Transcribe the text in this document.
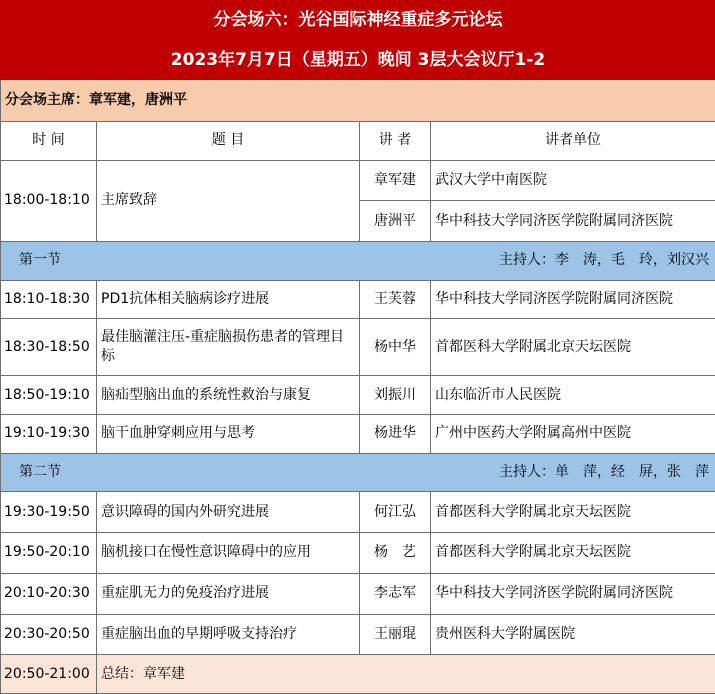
分会场六：光谷国际神经重症多元论坛			
2023年7月7日（星期五）晚间 3层大会议厅1-2			
分会场主席：章军建，唐洲平			
时 间	题 目	讲 者	讲者单位
18:00-18:10	主席致辞	章军建	武汉大学中南医院
		唐洲平	华中科技大学同济医学院附属同济医院

第一节 主持人：李　涛，毛　玲，刘汉兴			

18:10-18:30	PD1抗体相关脑病诊疗进展	王芙蓉	华中科技大学同济医学院附属同济医院
18:30-18:50	最佳脑灌注压-重症脑损伤患者的管理目标	杨中华	首都医科大学附属北京天坛医院
18:50-19:10	脑疝型脑出血的系统性救治与康复	刘振川	山东临沂市人民医院
19:10-19:30	脑干血肿穿刺应用与思考	杨进华	广州中医药大学附属高州中医院

第二节 主持人：单　萍，经　屏，张　萍			

19:30-19:50	意识障碍的国内外研究进展	何江弘	首都医科大学附属北京天坛医院
19:50-20:10	脑机接口在慢性意识障碍中的应用	杨　艺	首都医科大学附属北京天坛医院
20:10-20:30	重症肌无力的免疫治疗进展	李志军	华中科技大学同济医学院附属同济医院
20:30-20:50	重症脑出血的早期呼吸支持治疗	王丽琨	贵州医科大学附属医院
20:50-21:00	总结：章军建		
